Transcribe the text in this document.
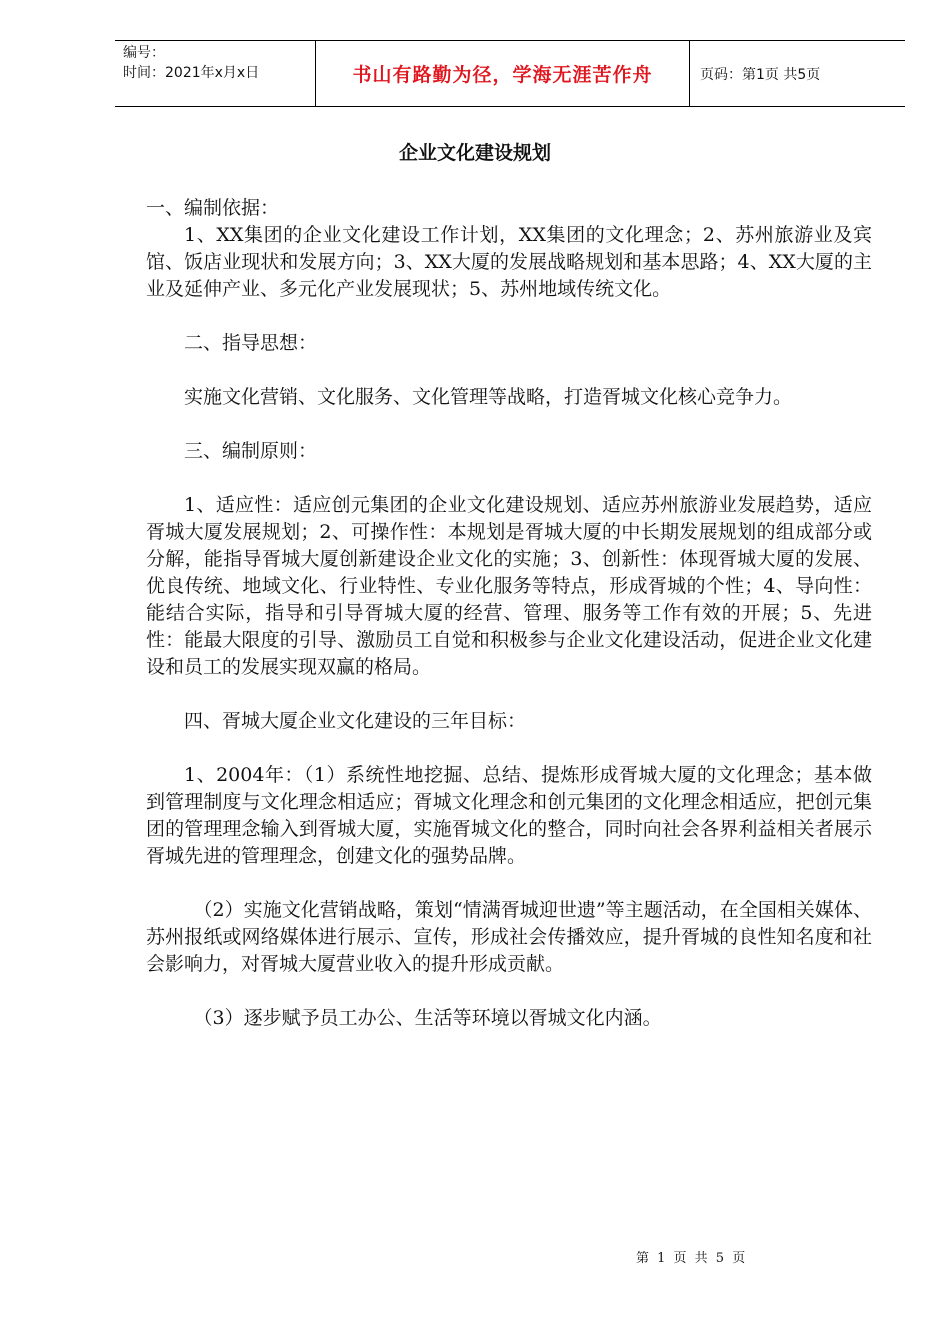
编号：
时间：2021年x月x日	书山有路勤为径，学海无涯苦作舟	页码：第1页 共5页
企业文化建设规划

一、编制依据：

1、XX集团的企业文化建设工作计划，XX集团的文化理念；2、苏州旅游业及宾馆、饭店业现状和发展方向；3、XX大厦的发展战略规划和基本思路；4、XX大厦的主业及延伸产业、多元化产业发展现状；5、苏州地域传统文化。

二、指导思想：

实施文化营销、文化服务、文化管理等战略，打造胥城文化核心竞争力。

三、编制原则：

1、适应性：适应创元集团的企业文化建设规划、适应苏州旅游业发展趋势，适应胥城大厦发展规划；2、可操作性：本规划是胥城大厦的中长期发展规划的组成部分或分解，能指导胥城大厦创新建设企业文化的实施；3、创新性：体现胥城大厦的发展、优良传统、地域文化、行业特性、专业化服务等特点，形成胥城的个性；4、导向性：能结合实际，指导和引导胥城大厦的经营、管理、服务等工作有效的开展；5、先进性：能最大限度的引导、激励员工自觉和积极参与企业文化建设活动，促进企业文化建设和员工的发展实现双赢的格局。

四、胥城大厦企业文化建设的三年目标：

1、2004年：（1）系统性地挖掘、总结、提炼形成胥城大厦的文化理念；基本做到管理制度与文化理念相适应；胥城文化理念和创元集团的文化理念相适应，把创元集团的管理理念输入到胥城大厦，实施胥城文化的整合，同时向社会各界利益相关者展示胥城先进的管理理念，创建文化的强势品牌。

（2）实施文化营销战略，策划“情满胥城迎世遗”等主题活动，在全国相关媒体、苏州报纸或网络媒体进行展示、宣传，形成社会传播效应，提升胥城的良性知名度和社会影响力，对胥城大厦营业收入的提升形成贡献。

（3）逐步赋予员工办公、生活等环境以胥城文化内涵。

第 1 页 共 5 页
